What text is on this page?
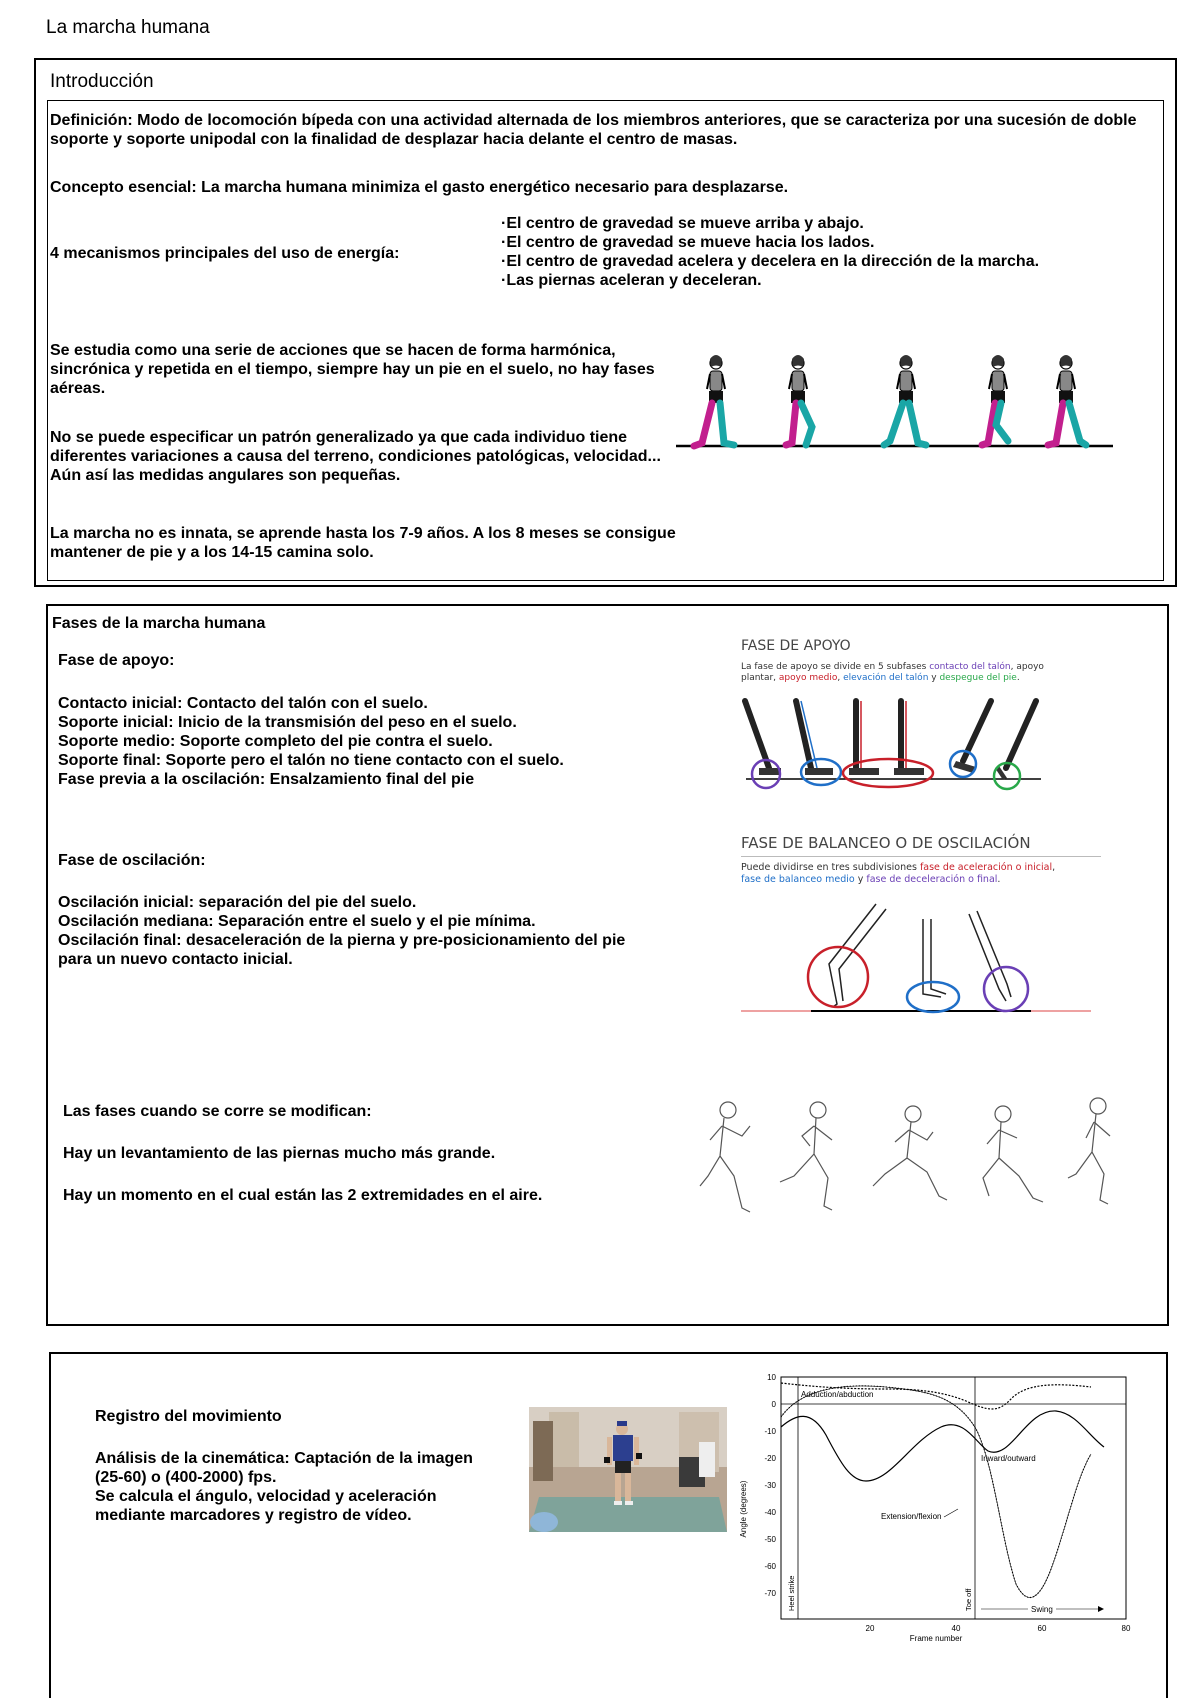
La marcha humana
Introducción
Definición: Modo de locomoción bípeda con una actividad alternada de los miembros anteriores, que se caracteriza por una sucesión de doble soporte y soporte unipodal con la finalidad de desplazar hacia delante el centro de masas.
Concepto esencial: La marcha humana minimiza el gasto energético necesario para desplazarse.
4 mecanismos principales del uso de energía:
·El centro de gravedad se mueve arriba y abajo.
·El centro de gravedad se mueve hacia los lados.
·El centro de gravedad acelera y decelera en la dirección de la marcha.
·Las piernas aceleran y deceleran.
Se estudia como una serie de acciones que se hacen de forma harmónica, sincrónica y repetida en el tiempo, siempre hay un pie en el suelo, no hay fases aéreas.
No se puede especificar un patrón generalizado ya que cada individuo tiene diferentes variaciones a causa del terreno, condiciones patológicas, velocidad... Aún así las medidas angulares son pequeñas.
La marcha no es innata, se aprende hasta los 7-9 años. A los 8 meses se consigue mantener de pie y a los 14-15 camina solo.
Fases de la marcha humana
Fase de apoyo:
Contacto inicial: Contacto del talón con el suelo.
Soporte inicial: Inicio de la transmisión del peso en el suelo.
Soporte medio: Soporte completo del pie contra el suelo.
Soporte final: Soporte pero el talón no tiene contacto con el suelo.
Fase previa a la oscilación: Ensalzamiento final del pie
Fase de oscilación:
Oscilación inicial: separación del pie del suelo.
Oscilación mediana: Separación entre el suelo y el pie mínima.
Oscilación final: desaceleración de la pierna y pre-posicionamiento del pie para un nuevo contacto inicial.
Las fases cuando se corre se modifican:
Hay un levantamiento de las piernas mucho más grande.
Hay un momento en el cual están las 2 extremidades en el aire.
FASE DE APOYO
La fase de apoyo se divide en 5 subfases contacto del talón, apoyo
plantar, apoyo medio, elevación del talón y despegue del pie.
FASE DE BALANCEO O DE OSCILACIÓN
Puede dividirse en tres subdivisiones fase de aceleración o inicial,
fase de balanceo medio y fase de deceleración o final.
Registro del movimiento
Análisis de la cinemática: Captación de la imagen (25-60) o (400-2000) fps.
Se calcula el ángulo, velocidad y aceleración mediante marcadores y registro de vídeo.
10
0
-10
-20
-30
-40
-50
-60
-70
20	40	60	80
Frame number
Angle (degrees)
Adduction/abduction
Inward/outward
Extension/flexion
Heel strike	Toe off	Swing
